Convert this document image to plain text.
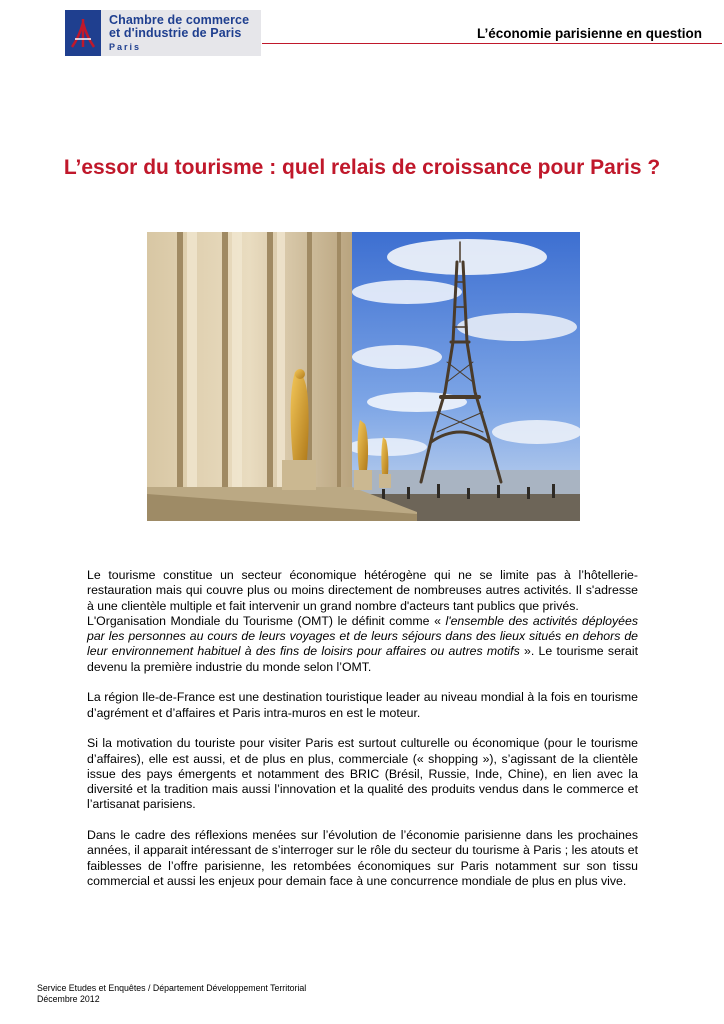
Chambre de commerce
et d'industrie de Paris
Paris
L’économie parisienne en question
L’essor du tourisme : quel relais de croissance pour Paris ?

Le tourisme constitue un secteur économique hétérogène qui ne se limite pas à l’hôtellerie-restauration mais qui couvre plus ou moins directement de nombreuses autres activités. Il s'adresse à une clientèle multiple et fait intervenir un grand nombre d'acteurs tant publics que privés.

L'Organisation Mondiale du Tourisme (OMT) le définit comme « l'ensemble des activités déployées par les personnes au cours de leurs voyages et de leurs séjours dans des lieux situés en dehors de leur environnement habituel à des fins de loisirs pour affaires ou autres motifs ». Le tourisme serait devenu la première industrie du monde selon l’OMT.

La région Ile-de-France est une destination touristique leader au niveau mondial à la fois en tourisme d’agrément et d’affaires et Paris intra-muros en est le moteur.

Si la motivation du touriste pour visiter Paris est surtout culturelle ou économique (pour le tourisme d’affaires), elle est aussi, et de plus en plus, commerciale (« shopping »), s’agissant de la clientèle issue des pays émergents et notamment des BRIC (Brésil, Russie, Inde, Chine), en lien avec la diversité et la tradition mais aussi l’innovation et la qualité des produits vendus dans le commerce et l’artisanat parisiens.

Dans le cadre des réflexions menées sur l’évolution de l’économie parisienne dans les prochaines années, il apparait intéressant de s’interroger sur le rôle du secteur du tourisme à Paris ; les atouts et faiblesses de l’offre parisienne, les retombées économiques sur Paris notamment sur son tissu commercial et aussi les enjeux pour demain face à une concurrence mondiale de plus en plus vive.

Service Etudes et Enquêtes / Département Développement Territorial
Décembre 2012
